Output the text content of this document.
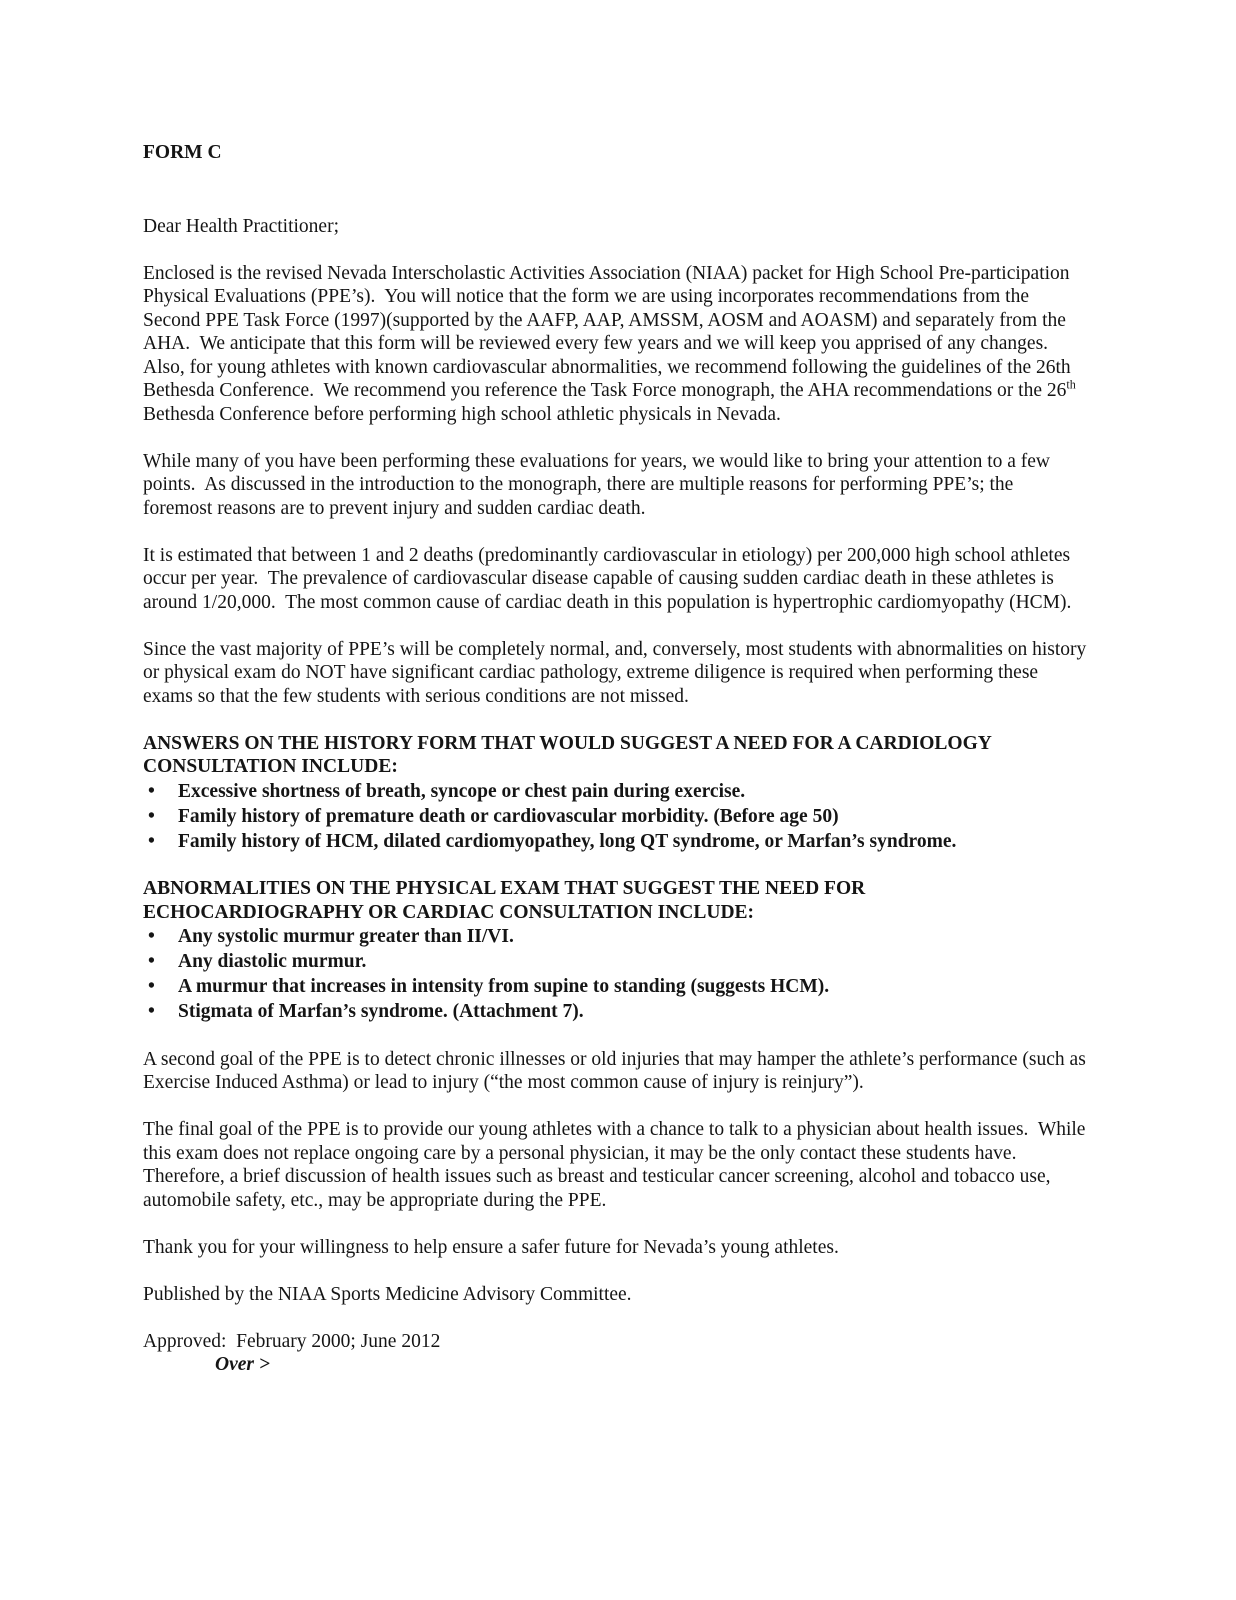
FORM C

Dear Health Practitioner;

Enclosed is the revised Nevada Interscholastic Activities Association (NIAA) packet for High School Pre-participation Physical Evaluations (PPE’s).  You will notice that the form we are using incorporates recommendations from the Second PPE Task Force (1997)(supported by the AAFP, AAP, AMSSM, AOSM and AOASM) and separately from the AHA.  We anticipate that this form will be reviewed every few years and we will keep you apprised of any changes.  Also, for young athletes with known cardiovascular abnormalities, we recommend following the guidelines of the 26th Bethesda Conference.  We recommend you reference the Task Force monograph, the AHA recommendations or the 26th Bethesda Conference before performing high school athletic physicals in Nevada.

While many of you have been performing these evaluations for years, we would like to bring your attention to a few points.  As discussed in the introduction to the monograph, there are multiple reasons for performing PPE’s; the foremost reasons are to prevent injury and sudden cardiac death.

It is estimated that between 1 and 2 deaths (predominantly cardiovascular in etiology) per 200,000 high school athletes occur per year.  The prevalence of cardiovascular disease capable of causing sudden cardiac death in these athletes is around 1/20,000.  The most common cause of cardiac death in this population is hypertrophic cardiomyopathy (HCM).

Since the vast majority of PPE’s will be completely normal, and, conversely, most students with abnormalities on history or physical exam do NOT have significant cardiac pathology, extreme diligence is required when performing these exams so that the few students with serious conditions are not missed.

ANSWERS ON THE HISTORY FORM THAT WOULD SUGGEST A NEED FOR A CARDIOLOGY CONSULTATION INCLUDE:
•	Excessive shortness of breath, syncope or chest pain during exercise.
•	Family history of premature death or cardiovascular morbidity. (Before age 50)
•	Family history of HCM, dilated cardiomyopathey, long QT syndrome, or Marfan’s syndrome.
ABNORMALITIES ON THE PHYSICAL EXAM THAT SUGGEST THE NEED FOR ECHOCARDIOGRAPHY OR CARDIAC CONSULTATION INCLUDE:
•	Any systolic murmur greater than II/VI.
•	Any diastolic murmur.
•	A murmur that increases in intensity from supine to standing (suggests HCM).
•	Stigmata of Marfan’s syndrome. (Attachment 7).

A second goal of the PPE is to detect chronic illnesses or old injuries that may hamper the athlete’s performance (such as Exercise Induced Asthma) or lead to injury (“the most common cause of injury is reinjury”).

The final goal of the PPE is to provide our young athletes with a chance to talk to a physician about health issues.  While this exam does not replace ongoing care by a personal physician, it may be the only contact these students have.  Therefore, a brief discussion of health issues such as breast and testicular cancer screening, alcohol and tobacco use, automobile safety, etc., may be appropriate during the PPE.

Thank you for your willingness to help ensure a safer future for Nevada’s young athletes.

Published by the NIAA Sports Medicine Advisory Committee.

Approved:  February 2000; June 2012

Over >
